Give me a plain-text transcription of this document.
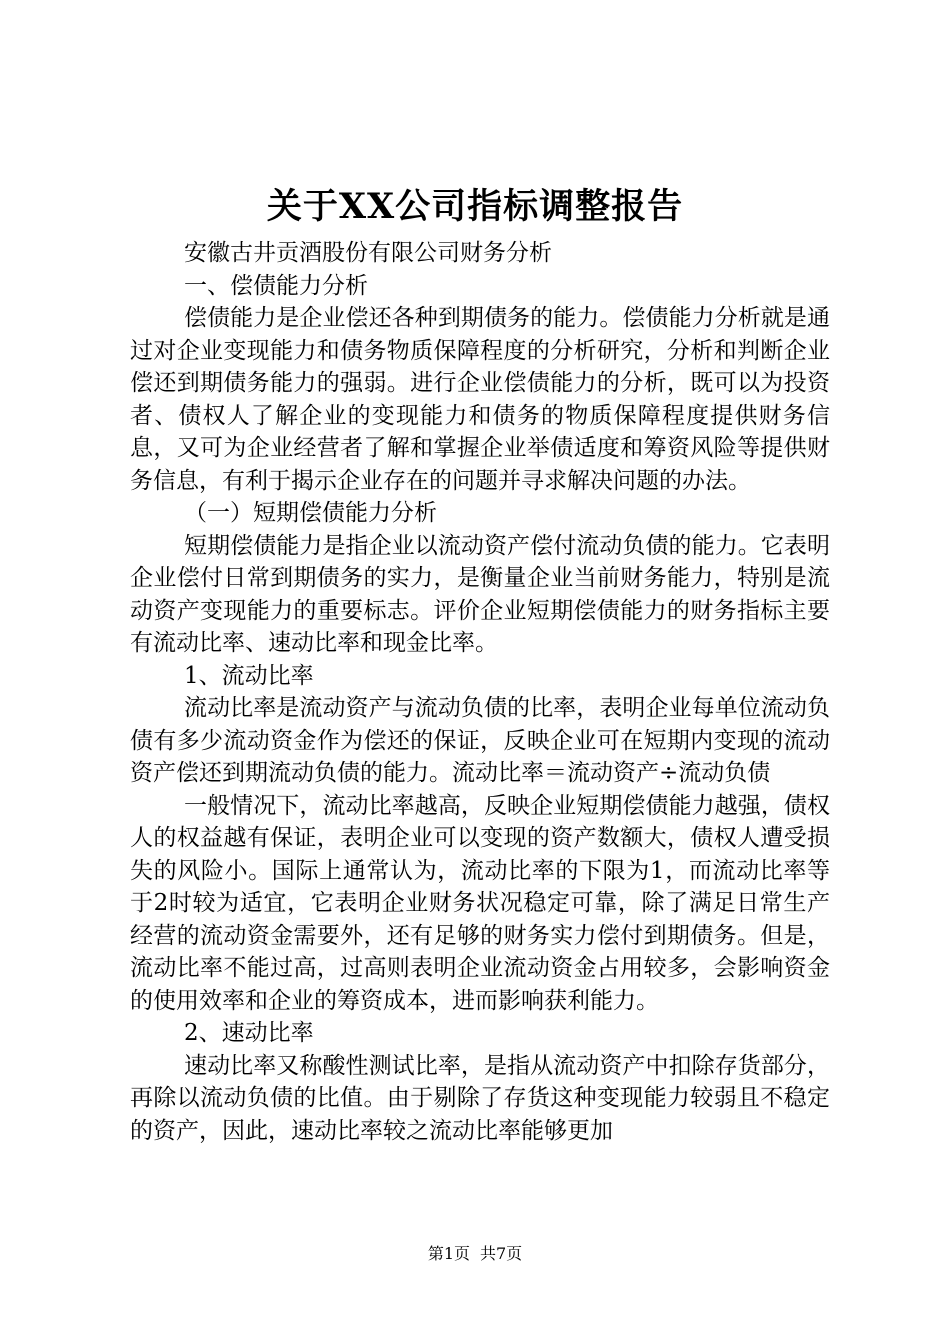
关于XX公司指标调整报告

安徽古井贡酒股份有限公司财务分析

一、偿债能力分析

偿债能力是企业偿还各种到期债务的能力。偿债能力分析就是通过对企业变现能力和债务物质保障程度的分析研究，分析和判断企业偿还到期债务能力的强弱。进行企业偿债能力的分析，既可以为投资者、债权人了解企业的变现能力和债务的物质保障程度提供财务信息，又可为企业经营者了解和掌握企业举债适度和筹资风险等提供财务信息，有利于揭示企业存在的问题并寻求解决问题的办法。

（一）短期偿债能力分析

短期偿债能力是指企业以流动资产偿付流动负债的能力。它表明企业偿付日常到期债务的实力，是衡量企业当前财务能力，特别是流动资产变现能力的重要标志。评价企业短期偿债能力的财务指标主要有流动比率、速动比率和现金比率。

1、流动比率

流动比率是流动资产与流动负债的比率，表明企业每单位流动负债有多少流动资金作为偿还的保证，反映企业可在短期内变现的流动资产偿还到期流动负债的能力。流动比率＝流动资产÷流动负债

一般情况下，流动比率越高，反映企业短期偿债能力越强，债权人的权益越有保证，表明企业可以变现的资产数额大，债权人遭受损失的风险小。国际上通常认为，流动比率的下限为1，而流动比率等于2时较为适宜，它表明企业财务状况稳定可靠，除了满足日常生产经营的流动资金需要外，还有足够的财务实力偿付到期债务。但是，流动比率不能过高，过高则表明企业流动资金占用较多，会影响资金的使用效率和企业的筹资成本，进而影响获利能力。

2、速动比率

速动比率又称酸性测试比率，是指从流动资产中扣除存货部分，再除以流动负债的比值。由于剔除了存货这种变现能力较弱且不稳定的资产，因此，速动比率较之流动比率能够更加

第1页 共7页
